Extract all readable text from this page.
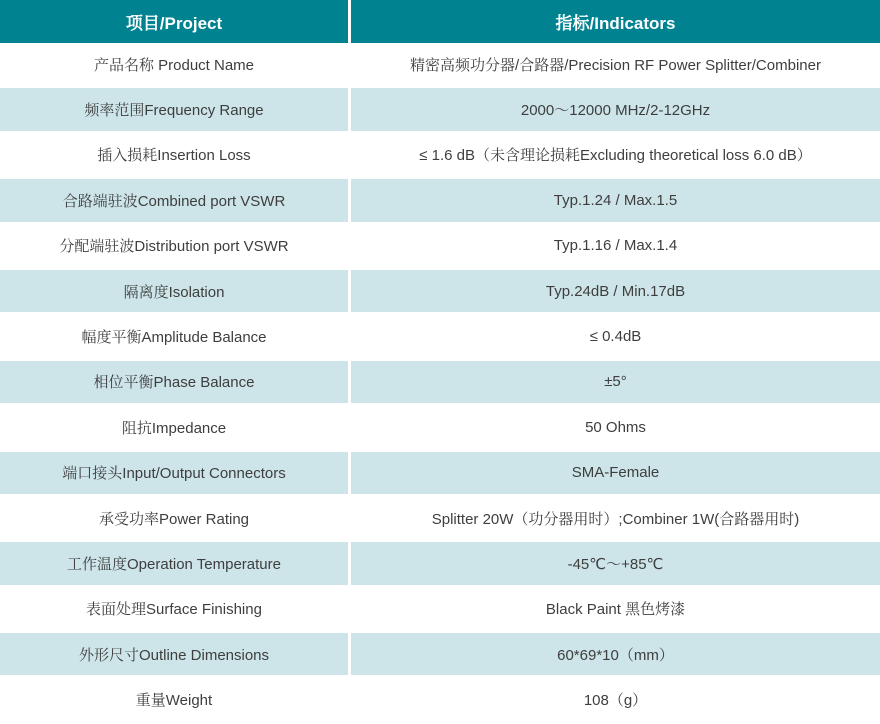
项目/Project	指标/Indicators
产品名称 Product Name	精密高频功分器/合路器/Precision RF Power Splitter/Combiner
频率范围Frequency Range	2000～12000 MHz/2-12GHz
插入损耗Insertion Loss	≤ 1.6 dB（未含理论损耗Excluding theoretical loss 6.0 dB）
合路端驻波Combined port VSWR	Typ.1.24 / Max.1.5
分配端驻波Distribution port VSWR	Typ.1.16 / Max.1.4
隔离度Isolation	Typ.24dB / Min.17dB
幅度平衡Amplitude Balance	≤ 0.4dB
相位平衡Phase Balance	±5°
阻抗Impedance	50 Ohms
端口接头Input/Output Connectors	SMA-Female
承受功率Power Rating	Splitter 20W（功分器用时）;Combiner 1W(合路器用时)
工作温度Operation Temperature	-45℃～+85℃
表面处理Surface Finishing	Black Paint 黑色烤漆
外形尺寸Outline Dimensions	60*69*10（mm）
重量Weight	108（g）
